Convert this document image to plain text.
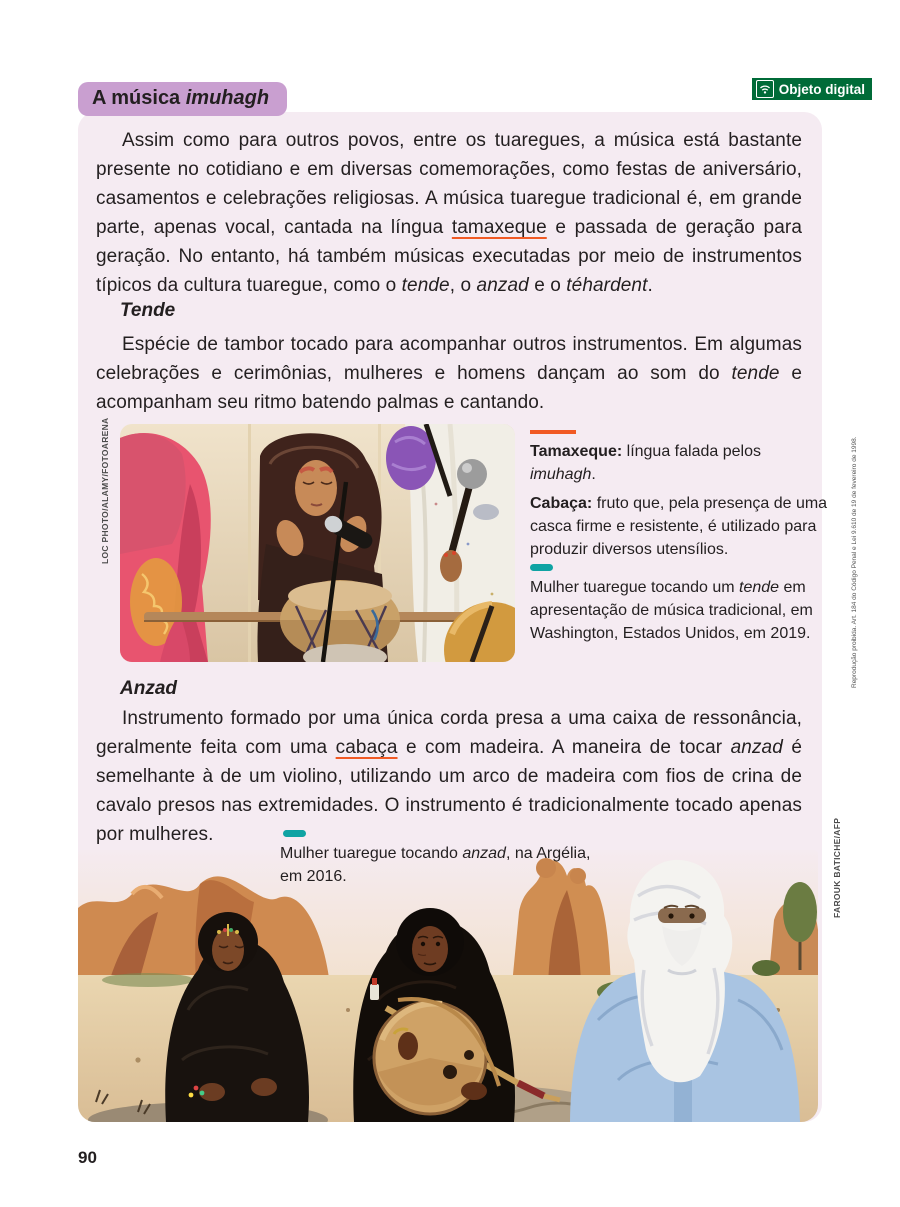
A música imuhagh	Objeto digital

Assim como para outros povos, entre os tuaregues, a música está bastante presente no cotidiano e em diversas comemorações, como festas de aniversário, casamentos e celebrações religiosas. A música tuaregue tradicional é, em grande parte, apenas vocal, cantada na língua tamaxeque e passada de geração para geração. No entanto, há também músicas executadas por meio de instrumentos típicos da cultura tuaregue, como o tende, o anzad e o téhardent.

Tende

Espécie de tambor tocado para acompanhar outros instrumentos. Em algumas celebrações e cerimônias, mulheres e homens dançam ao som do tende e acompanham seu ritmo batendo palmas e cantando.

LOC PHOTO/ALAMY/FOTOARENA	Tamaxeque: língua falada pelos imuhagh.

Cabaça: fruto que, pela presença de uma casca firme e resistente, é utilizado para produzir diversos utensílios.

Mulher tuaregue tocando um tende em apresentação de música tradicional, em Washington, Estados Unidos, em 2019.

Anzad

Instrumento formado por uma única corda presa a uma caixa de ressonância, geralmente feita com uma cabaça e com madeira. A maneira de tocar anzad é semelhante à de um violino, utilizando um arco de madeira com fios de crina de cavalo presos nas extremidades. O instrumento é tradicionalmente tocado apenas por mulheres.

Mulher tuaregue tocando anzad, na Argélia, em 2016.

Reprodução proibida. Art. 184 do Código Penal e Lei 9.610 de 19 de fevereiro de 1998.
FAROUK BATICHE/AFP
90
